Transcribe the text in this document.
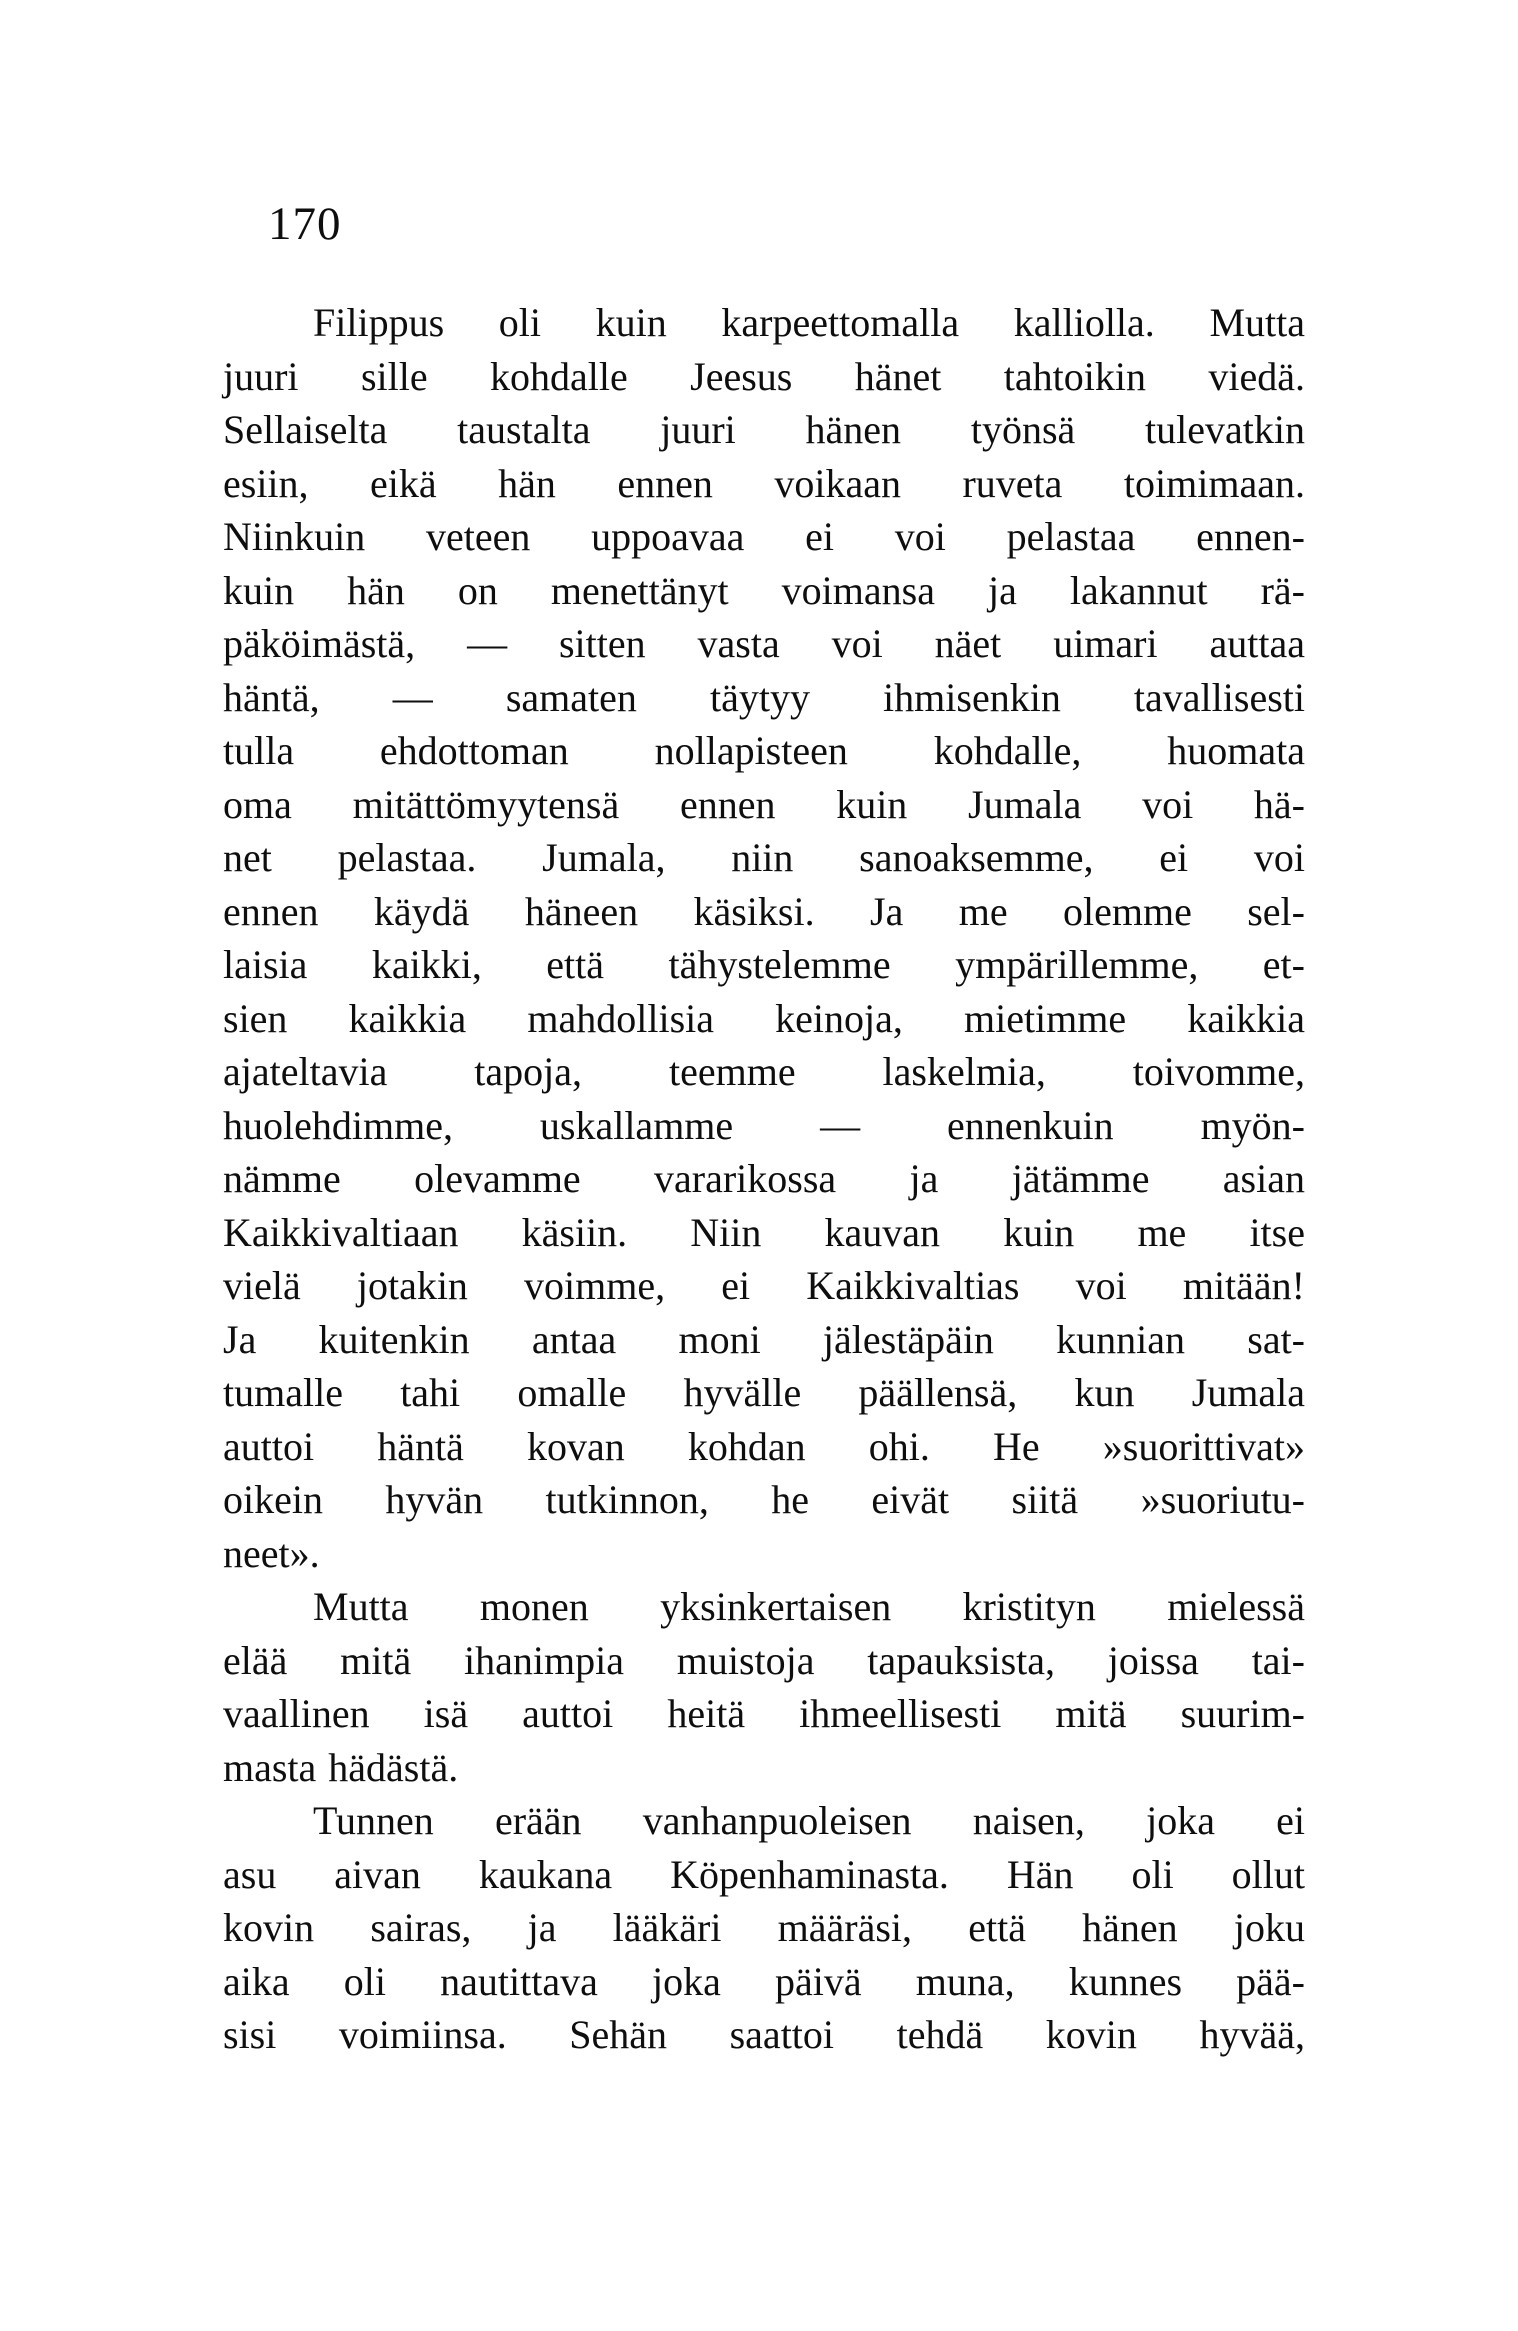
170
Filippus oli kuin karpeettomalla kalliolla. Mutta
juuri sille kohdalle Jeesus hänet tahtoikin viedä.
Sellaiselta taustalta juuri hänen työnsä tulevatkin
esiin, eikä hän ennen voikaan ruveta toimimaan.
Niinkuin veteen uppoavaa ei voi pelastaa ennen-
kuin hän on menettänyt voimansa ja lakannut rä-
päköimästä, — sitten vasta voi näet uimari auttaa
häntä, — samaten täytyy ihmisenkin tavallisesti
tulla ehdottoman nollapisteen kohdalle, huomata
oma mitättömyytensä ennen kuin Jumala voi hä-
net pelastaa. Jumala, niin sanoaksemme, ei voi
ennen käydä häneen käsiksi. Ja me olemme sel-
laisia kaikki, että tähystelemme ympärillemme, et-
sien kaikkia mahdollisia keinoja, mietimme kaikkia
ajateltavia tapoja, teemme laskelmia, toivomme,
huolehdimme, uskallamme — ennenkuin myön-
nämme olevamme vararikossa ja jätämme asian
Kaikkivaltiaan käsiin. Niin kauvan kuin me itse
vielä jotakin voimme, ei Kaikkivaltias voi mitään!
Ja kuitenkin antaa moni jälestäpäin kunnian sat-
tumalle tahi omalle hyvälle päällensä, kun Jumala
auttoi häntä kovan kohdan ohi. He »suorittivat»
oikein hyvän tutkinnon, he eivät siitä »suoriutu-
neet».
Mutta monen yksinkertaisen kristityn mielessä
elää mitä ihanimpia muistoja tapauksista, joissa tai-
vaallinen isä auttoi heitä ihmeellisesti mitä suurim-
masta hädästä.
Tunnen erään vanhanpuoleisen naisen, joka ei
asu aivan kaukana Köpenhaminasta. Hän oli ollut
kovin sairas, ja lääkäri määräsi, että hänen joku
aika oli nautittava joka päivä muna, kunnes pää-
sisi voimiinsa. Sehän saattoi tehdä kovin hyvää,
